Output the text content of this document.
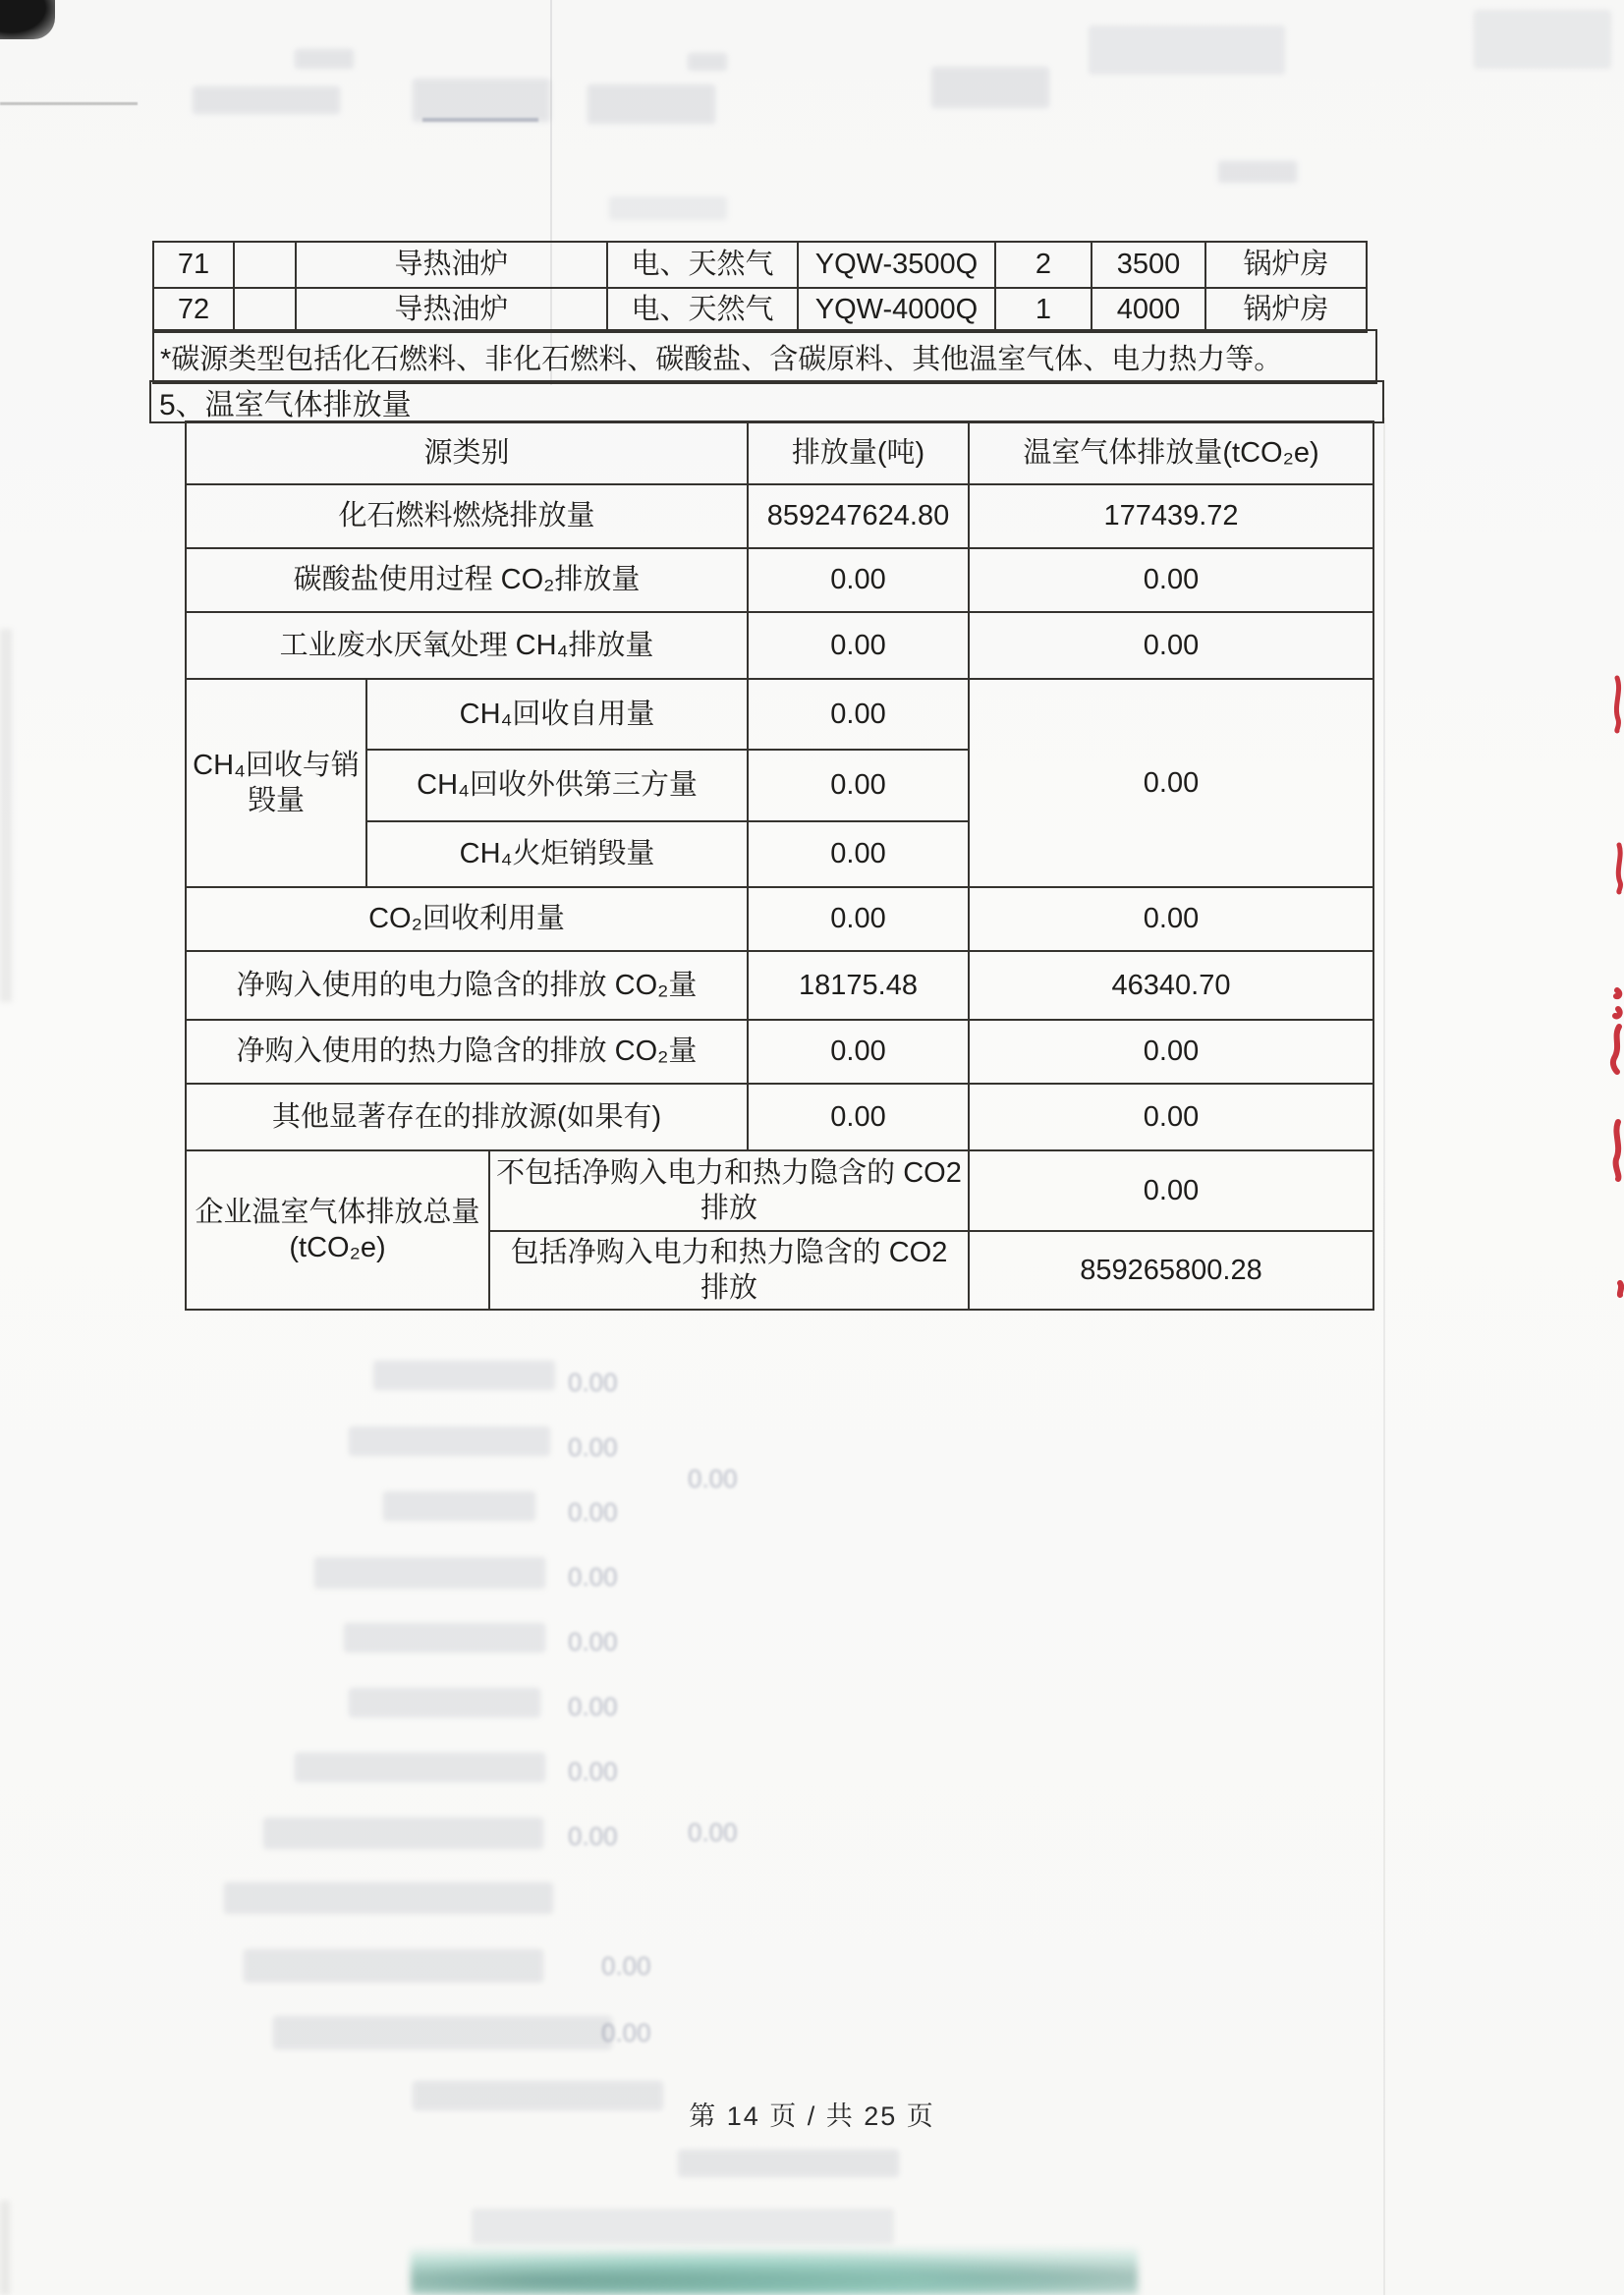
0.00
0.00
0.00
0.00
0.00
0.00
0.00
0.00
0.00
0.00
0.00
0.00
71		导热油炉	电、天然气	YQW-3500Q	2	3500	锅炉房
72		导热油炉	电、天然气	YQW-4000Q	1	4000	锅炉房
*碳源类型包括化石燃料、非化石燃料、碳酸盐、含碳原料、其他温室气体、电力热力等。
5、温室气体排放量
源类别			排放量(吨)	温室气体排放量(tCO₂e)
化石燃料燃烧排放量			859247624.80	177439.72
碳酸盐使用过程 CO₂排放量			0.00	0.00
工业废水厌氧处理 CH₄排放量			0.00	0.00
CH₄回收与销毁量	CH₄回收自用量		0.00	0.00
	CH₄回收外供第三方量		0.00	
	CH₄火炬销毁量		0.00	
CO₂回收利用量			0.00	0.00
净购入使用的电力隐含的排放 CO₂量			18175.48	46340.70
净购入使用的热力隐含的排放 CO₂量			0.00	0.00
其他显著存在的排放源(如果有)			0.00	0.00
企业温室气体排放总量(tCO₂e)		不包括净购入电力和热力隐含的 CO2 排放		0.00
		包括净购入电力和热力隐含的 CO2 排放		859265800.28
第 14 页 / 共 25 页
